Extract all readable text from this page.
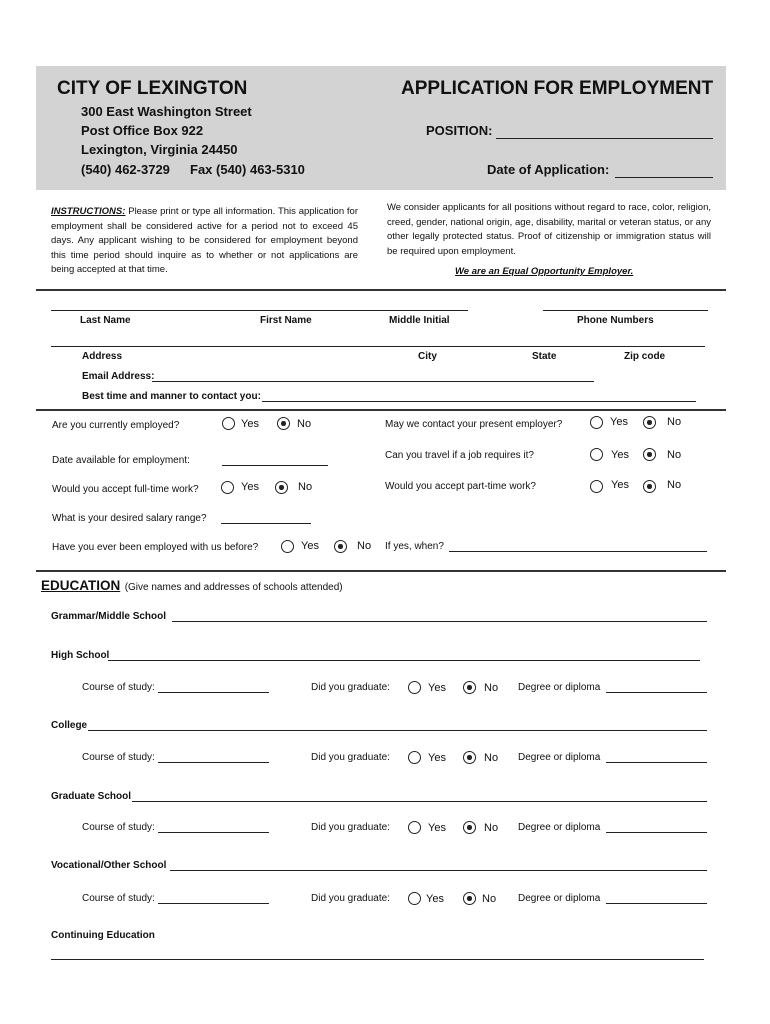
CITY OF LEXINGTON	APPLICATION FOR EMPLOYMENT
300 East Washington Street
Post Office Box 922
Lexington, Virginia 24450
(540) 462-3729 Fax (540) 463-5310
POSITION:
Date of Application:
INSTRUCTIONS: Please print or type all information. This application for employment shall be considered active for a period not to exceed 45 days. Any applicant wishing to be considered for employment beyond this time period should inquire as to whether or not applications are being accepted at that time.
We consider applicants for all positions without regard to race, color, religion, creed, gender, national origin, age, disability, marital or veteran status, or any other legally protected status. Proof of citizenship or immigration status will be required upon employment.
We are an Equal Opportunity Employer.
Last Name	First Name	Middle Initial	Phone Numbers
Address	City	State	Zip code
Email Address:
Best time and manner to contact you:
Are you currently employed?	Yes	No	May we contact your present employer?	Yes	No
Date available for employment:	Can you travel if a job requires it?	Yes	No
Would you accept full-time work?	Yes	No	Would you accept part-time work?	Yes	No
What is your desired salary range?
Have you ever been employed with us before?	Yes	No If yes, when?
EDUCATION (Give names and addresses of schools attended)
Grammar/Middle School
High School
Course of study:	Did you graduate:	Yes	No Degree or diploma
College
Course of study:	Did you graduate:	Yes	No Degree or diploma
Graduate School
Course of study:	Did you graduate:	Yes	No Degree or diploma
Vocational/Other School
Course of study:	Did you graduate:	Yes	No Degree or diploma
Continuing Education
